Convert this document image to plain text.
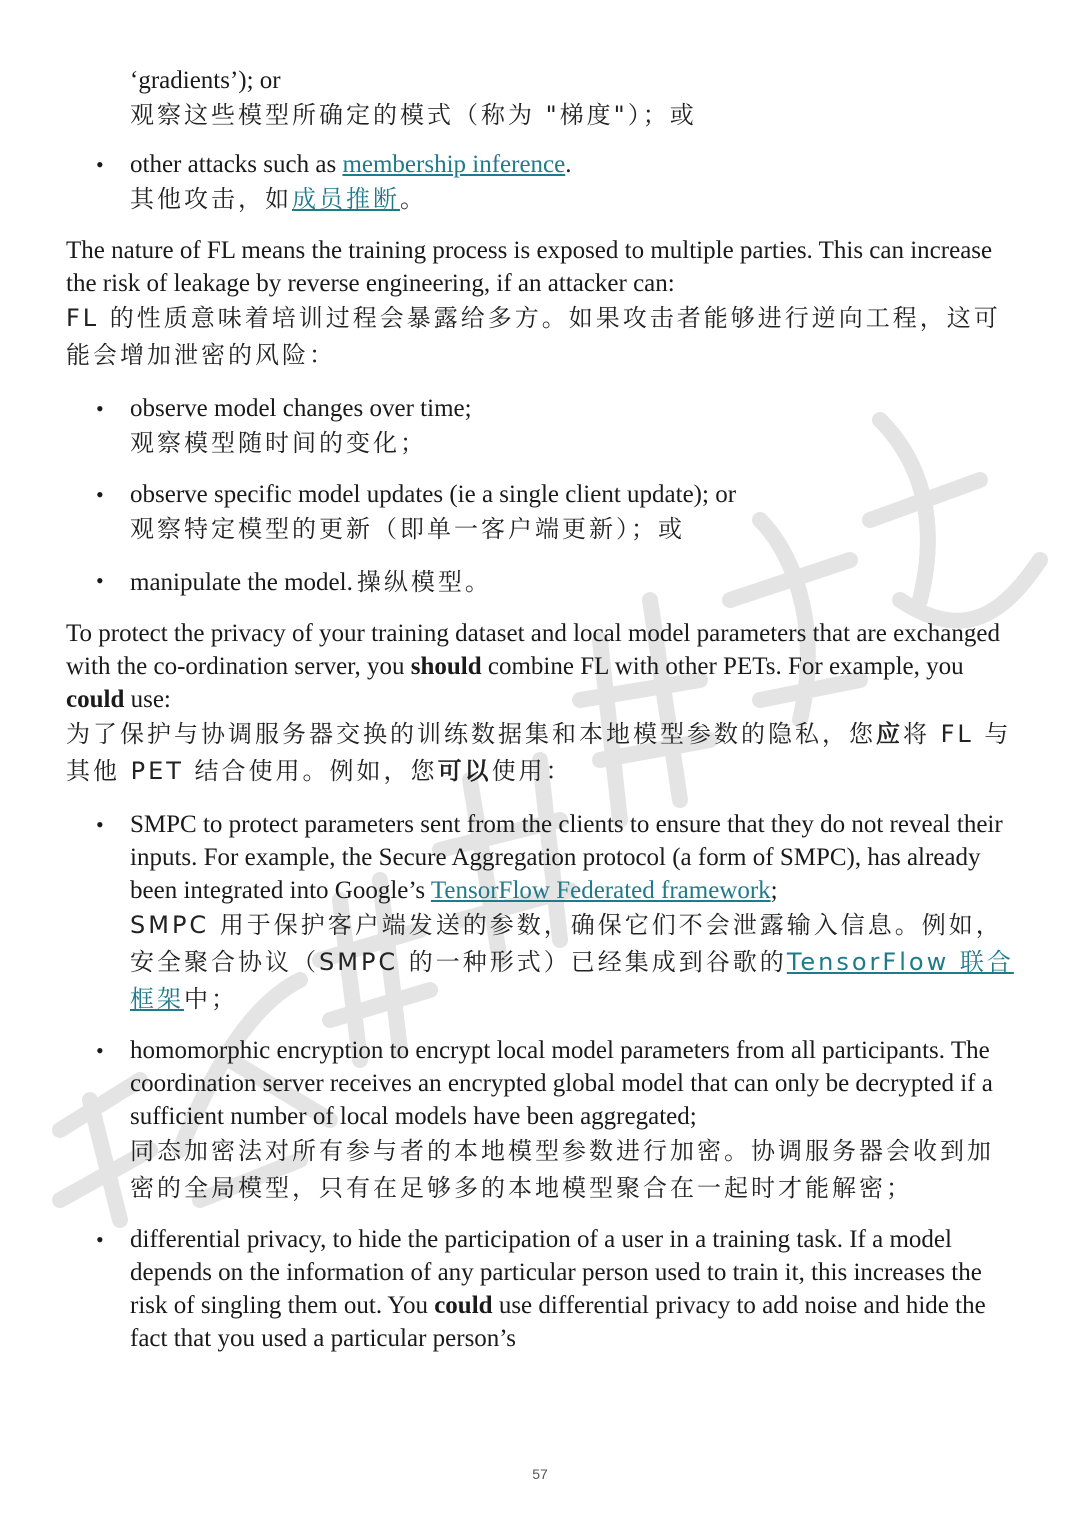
‘gradients’); or
观察这些模型所确定的模式（称为 "梯度"）；或
• other attacks such as membership inference.
其他攻击，如成员推断。
The nature of FL means the training process is exposed to multiple parties. This can increase the risk of leakage by reverse engineering, if an attacker can:
FL 的性质意味着培训过程会暴露给多方。如果攻击者能够进行逆向工程，这可能会增加泄密的风险：
• observe model changes over time;
观察模型随时间的变化；
• observe specific model updates (ie a single client update); or
观察特定模型的更新（即单一客户端更新）；或
• manipulate the model. 操纵模型。
To protect the privacy of your training dataset and local model parameters that are exchanged with the co-ordination server, you should combine FL with other PETs. For example, you could use:
为了保护与协调服务器交换的训练数据集和本地模型参数的隐私，您应将 FL 与其他 PET 结合使用。例如，您可以使用：
• SMPC to protect parameters sent from the clients to ensure that they do not reveal their inputs. For example, the Secure Aggregation protocol (a form of SMPC), has already been integrated into Google’s TensorFlow Federated framework;
SMPC 用于保护客户端发送的参数，确保它们不会泄露输入信息。例如，安全聚合协议（SMPC 的一种形式）已经集成到谷歌的TensorFlow 联合框架中；
• homomorphic encryption to encrypt local model parameters from all participants. The coordination server receives an encrypted global model that can only be decrypted if a sufficient number of local models have been aggregated;
同态加密法对所有参与者的本地模型参数进行加密。协调服务器会收到加密的全局模型，只有在足够多的本地模型聚合在一起时才能解密；
• differential privacy, to hide the participation of a user in a training task. If a model depends on the information of any particular person used to train it, this increases the risk of singling them out. You could use differential privacy to add noise and hide the fact that you used a particular person’s
57
